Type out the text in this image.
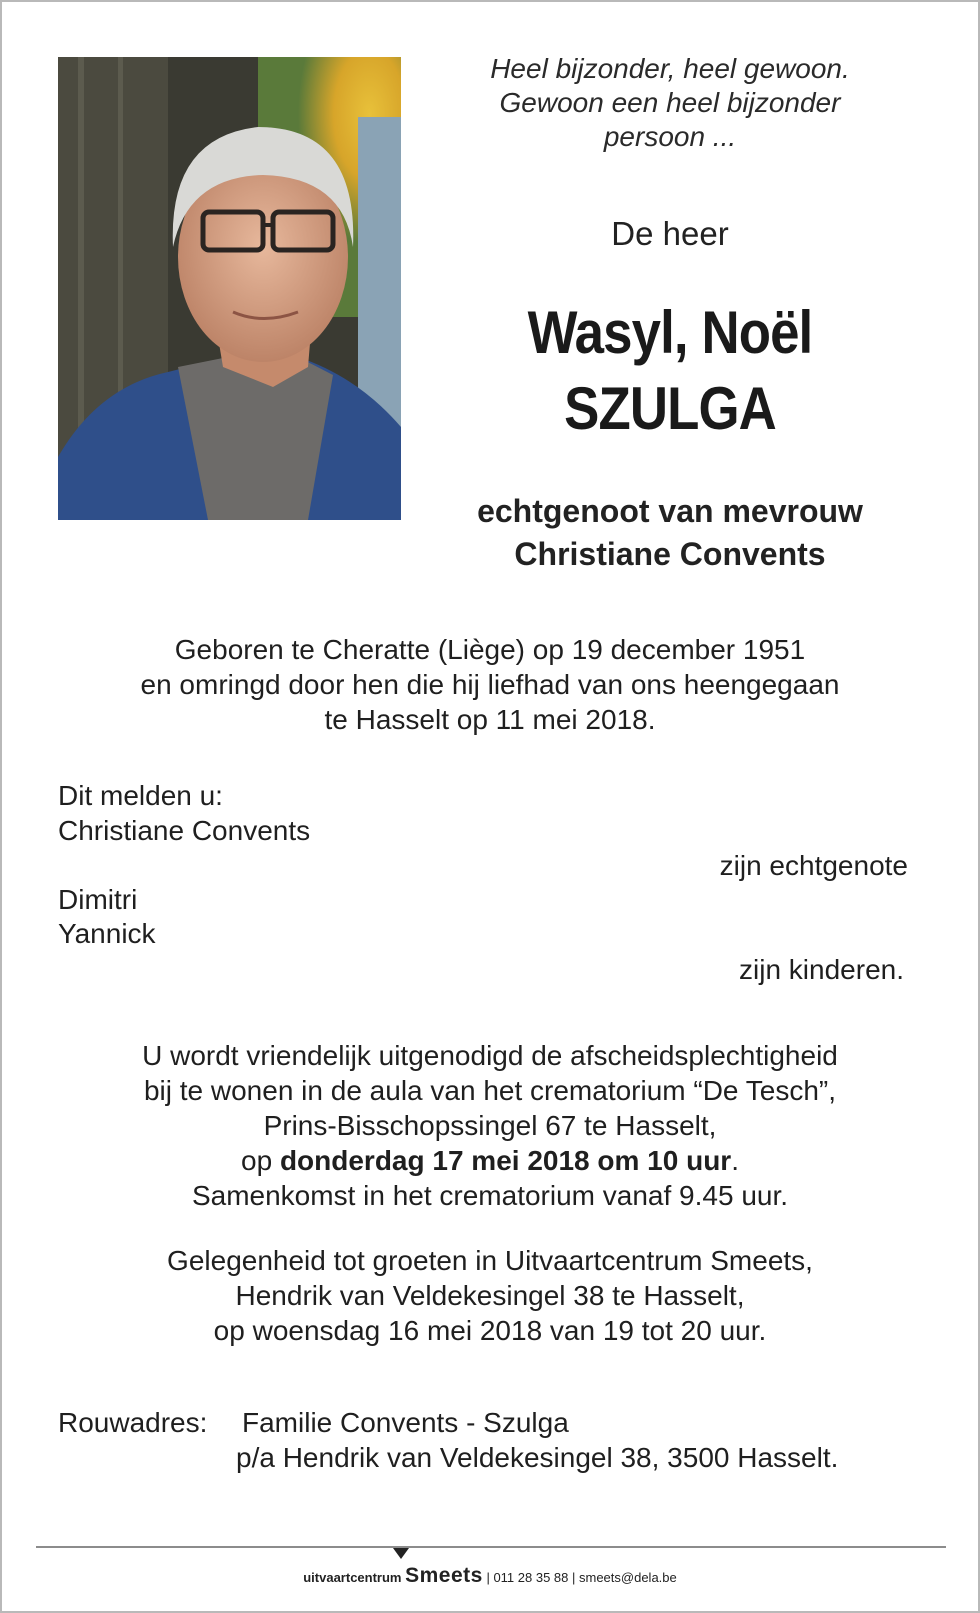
Heel bijzonder, heel gewoon.
Gewoon een heel bijzonder
persoon ...
De heer
Wasyl, Noël
SZULGA
echtgenoot van mevrouw
Christiane Convents
Geboren te Cheratte (Liège) op 19 december 1951
en omringd door hen die hij liefhad van ons heengegaan
te Hasselt op 11 mei 2018.
Dit melden u:
Christiane Convents
zijn echtgenote
Dimitri
Yannick
zijn kinderen.
U wordt vriendelijk uitgenodigd de afscheidsplechtigheid
bij te wonen in de aula van het crematorium “De Tesch”,
Prins-Bisschopssingel 67 te Hasselt,
op donderdag 17 mei 2018 om 10 uur.
Samenkomst in het crematorium vanaf 9.45 uur.
Gelegenheid tot groeten in Uitvaartcentrum Smeets,
Hendrik van Veldekesingel 38 te Hasselt,
op woensdag 16 mei 2018 van 19 tot 20 uur.
Rouwadres: Familie Convents - Szulga
p/a Hendrik van Veldekesingel 38, 3500 Hasselt.
uitvaartcentrum Smeets | 011 28 35 88 | smeets@dela.be
